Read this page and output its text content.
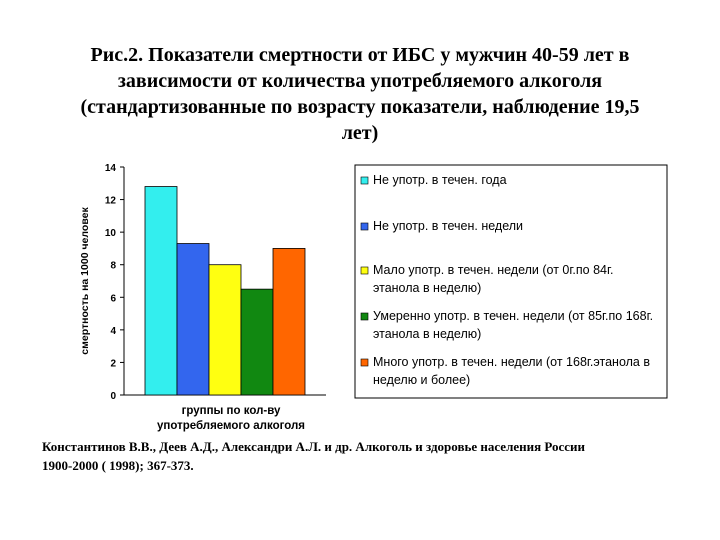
Рис.2. Показатели смертности от ИБС у мужчин 40-59 лет в
зависимости от количества употребляемого алкоголя
(стандартизованные по возрасту показатели, наблюдение 19,5
лет)
0
2
4
6
8
10
12
14
смертность на 1000 человек
группы по кол-ву
употребляемого алкоголя
Не употр. в течен. года
Не употр. в течен. недели
Мало употр. в течен. недели (от 0г.по 84г.
этанола в неделю)
Умеренно употр. в течен. недели (от 85г.по 168г.
этанола в неделю)
Много употр. в течен. недели (от 168г.этанола в
неделю и более)
Константинов В.В., Деев А.Д., Александри А.Л. и др. Алкоголь и здоровье населения России
1900-2000 ( 1998); 367-373.
